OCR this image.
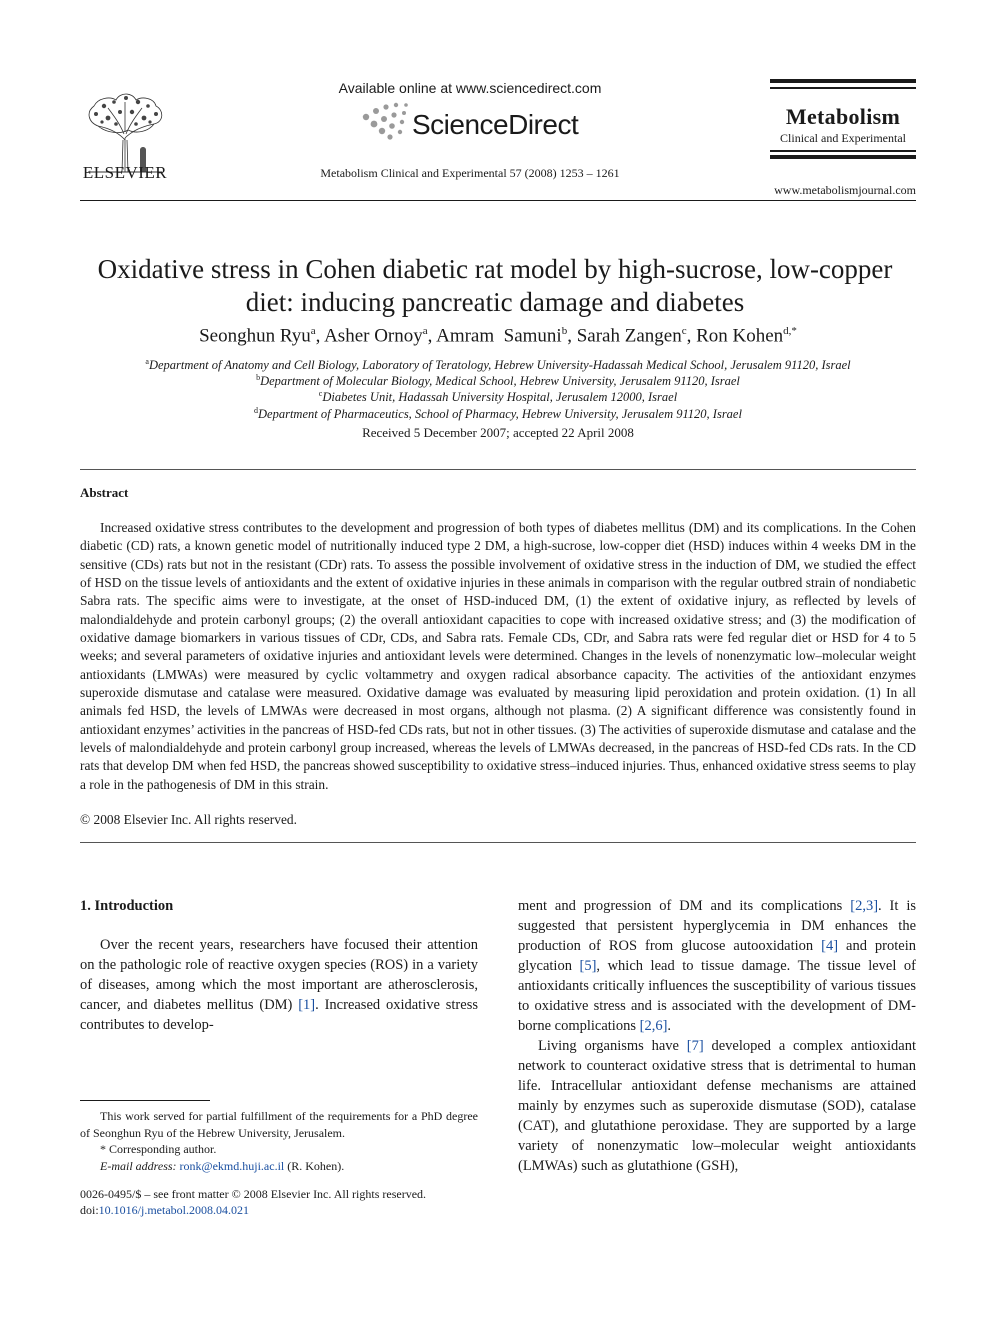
ELSEVIER
Available online at www.sciencedirect.com
ScienceDirect
Metabolism Clinical and Experimental 57 (2008) 1253 – 1261
Metabolism
Clinical and Experimental
www.metabolismjournal.com
Oxidative stress in Cohen diabetic rat model by high-sucrose, low-copper
diet: inducing pancreatic damage and diabetes
Seonghun Ryu$^a$, Asher Ornoy$^a$, Amram  Samuni$^b$, Sarah Zangen$^c$, Ron Kohen$^{d,*}$
$^a$Department of Anatomy and Cell Biology, Laboratory of Teratology, Hebrew University-Hadassah Medical School, Jerusalem 91120, Israel
$^b$Department of Molecular Biology, Medical School, Hebrew University, Jerusalem 91120, Israel
$^c$Diabetes Unit, Hadassah University Hospital, Jerusalem 12000, Israel
$^d$Department of Pharmaceutics, School of Pharmacy, Hebrew University, Jerusalem 91120, Israel
Received 5 December 2007; accepted 22 April 2008
Abstract
Increased oxidative stress contributes to the development and progression of both types of diabetes mellitus (DM) and its complications. In the Cohen diabetic (CD) rats, a known genetic model of nutritionally induced type 2 DM, a high-sucrose, low-copper diet (HSD) induces within 4 weeks DM in the sensitive (CDs) rats but not in the resistant (CDr) rats. To assess the possible involvement of oxidative stress in the induction of DM, we studied the effect of HSD on the tissue levels of antioxidants and the extent of oxidative injuries in these animals in comparison with the regular outbred strain of nondiabetic Sabra rats. The specific aims were to investigate, at the onset of HSD-induced DM, (1) the extent of oxidative injury, as reflected by levels of malondialdehyde and protein carbonyl groups; (2) the overall antioxidant capacities to cope with increased oxidative stress; and (3) the modification of oxidative damage biomarkers in various tissues of CDr, CDs, and Sabra rats. Female CDs, CDr, and Sabra rats were fed regular diet or HSD for 4 to 5 weeks; and several parameters of oxidative injuries and antioxidant levels were determined. Changes in the levels of nonenzymatic low–molecular weight antioxidants (LMWAs) were measured by cyclic voltammetry and oxygen radical absorbance capacity. The activities of the antioxidant enzymes superoxide dismutase and catalase were measured. Oxidative damage was evaluated by measuring lipid peroxidation and protein oxidation. (1) In all animals fed HSD, the levels of LMWAs were decreased in most organs, although not plasma. (2) A significant difference was consistently found in antioxidant enzymes’ activities in the pancreas of HSD-fed CDs rats, but not in other tissues. (3) The activities of superoxide dismutase and catalase and the levels of malondialdehyde and protein carbonyl group increased, whereas the levels of LMWAs decreased, in the pancreas of HSD-fed CDs rats. In the CD rats that develop DM when fed HSD, the pancreas showed susceptibility to oxidative stress–induced injuries. Thus, enhanced oxidative stress seems to play a role in the pathogenesis of DM in this strain.
© 2008 Elsevier Inc. All rights reserved.
1. Introduction
Over the recent years, researchers have focused their attention on the pathologic role of reactive oxygen species (ROS) in a variety of diseases, among which the most important are atherosclerosis, cancer, and diabetes mellitus (DM) [1]. Increased oxidative stress contributes to develop-

ment and progression of DM and its complications [2,3]. It is suggested that persistent hyperglycemia in DM enhances the production of ROS from glucose autooxidation [4] and protein glycation [5], which lead to tissue damage. The tissue level of antioxidants critically influences the susceptibility of various tissues to oxidative stress and is associated with the development of DM-borne complications [2,6].

Living organisms have [7] developed a complex antioxidant network to counteract oxidative stress that is detrimental to human life. Intracellular antioxidant defense mechanisms are attained mainly by enzymes such as superoxide dismutase (SOD), catalase (CAT), and glutathione peroxidase. They are supported by a large variety of nonenzymatic low–molecular weight antioxidants (LMWAs) such as glutathione (GSH),

This work served for partial fulfillment of the requirements for a PhD degree of Seonghun Ryu of the Hebrew University, Jerusalem.
* Corresponding author.
E-mail address: ronk@ekmd.huji.ac.il (R. Kohen).
0026-0495/$ – see front matter © 2008 Elsevier Inc. All rights reserved.
doi:10.1016/j.metabol.2008.04.021
